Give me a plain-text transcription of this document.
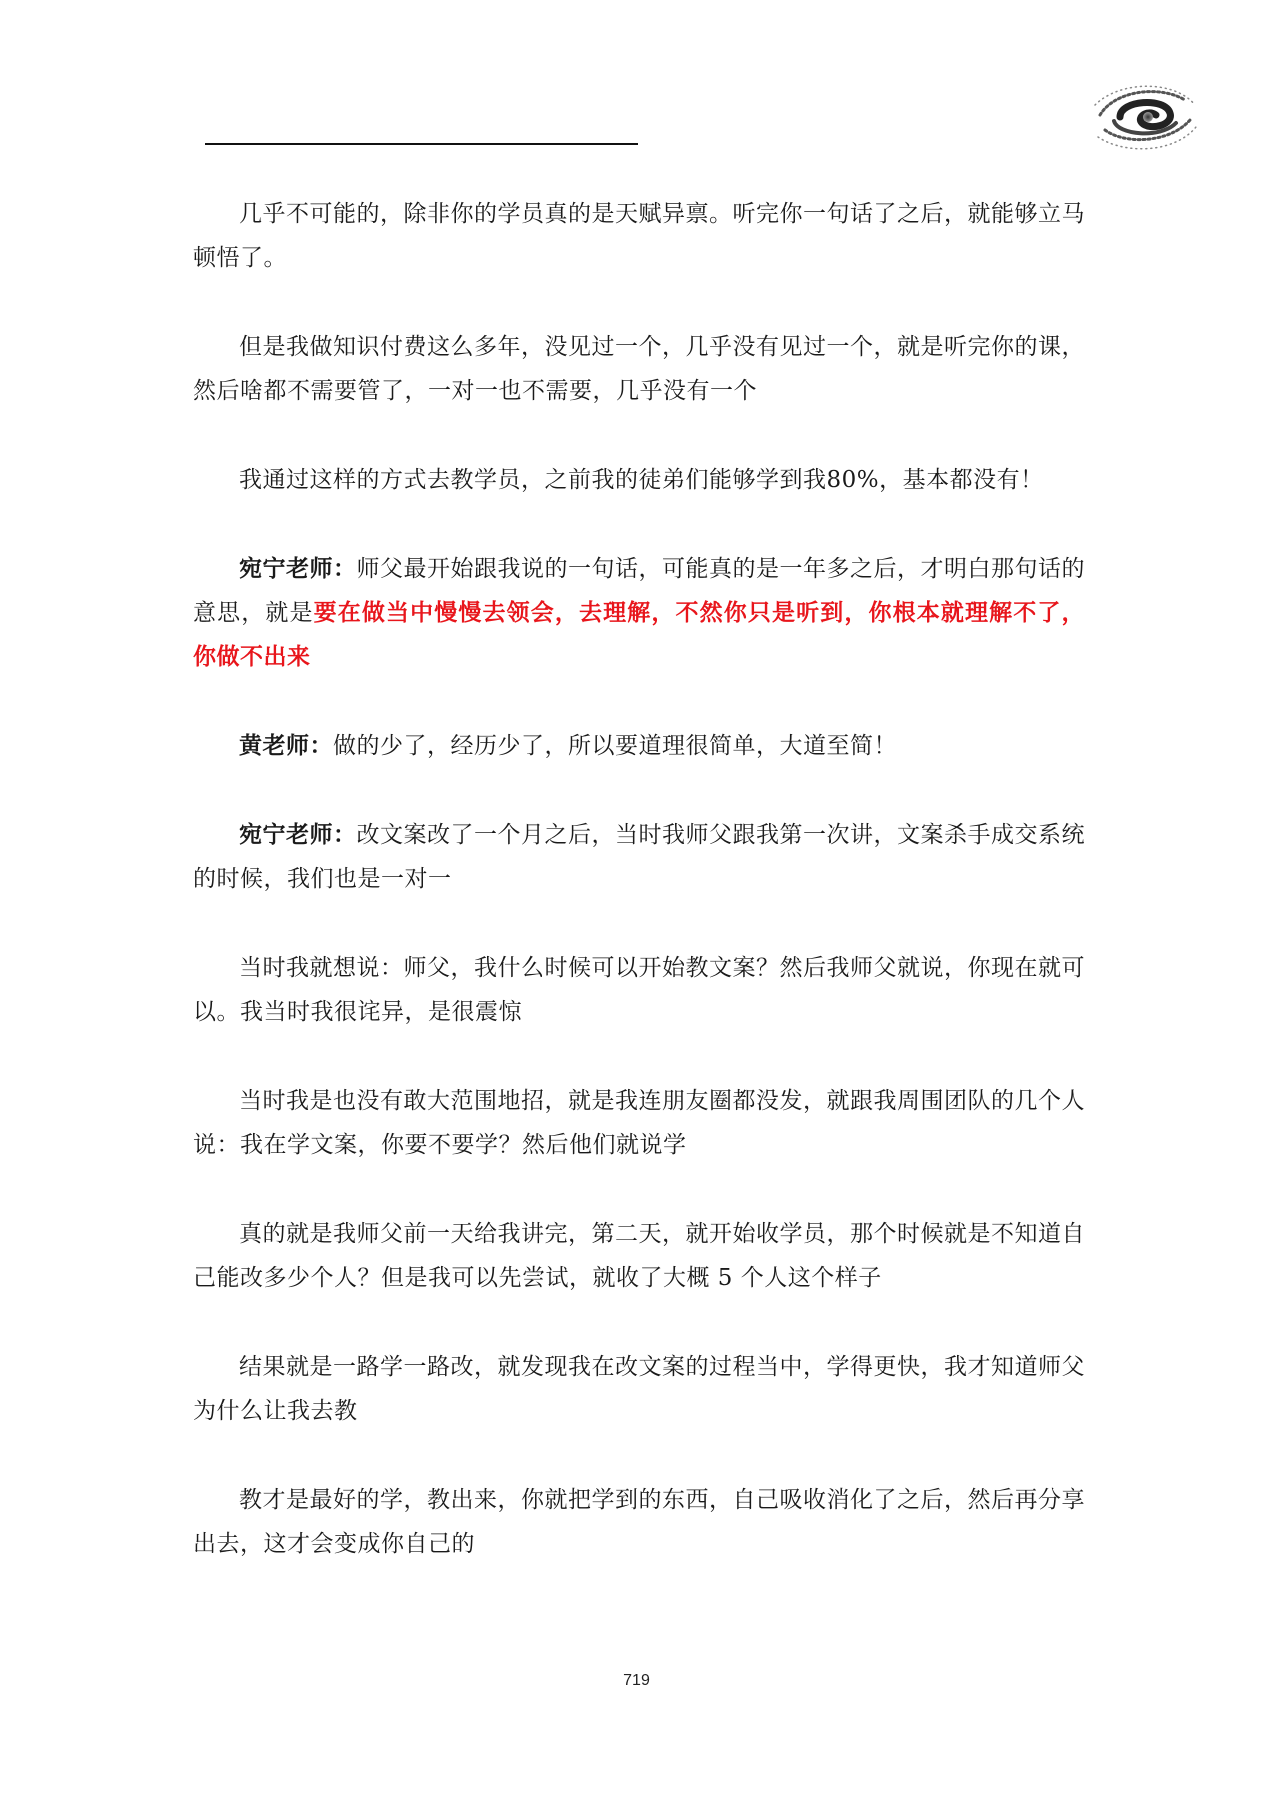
几乎不可能的，除非你的学员真的是天赋异禀。听完你一句话了之后，就能够立马顿悟了。

但是我做知识付费这么多年，没见过一个，几乎没有见过一个，就是听完你的课，然后啥都不需要管了，一对一也不需要，几乎没有一个

我通过这样的方式去教学员，之前我的徒弟们能够学到我80%，基本都没有！

宛宁老师：师父最开始跟我说的一句话，可能真的是一年多之后，才明白那句话的意思，就是要在做当中慢慢去领会，去理解，不然你只是听到，你根本就理解不了，你做不出来

黄老师：做的少了，经历少了，所以要道理很简单，大道至简！

宛宁老师：改文案改了一个月之后，当时我师父跟我第一次讲，文案杀手成交系统的时候，我们也是一对一

当时我就想说：师父，我什么时候可以开始教文案？然后我师父就说，你现在就可以。我当时我很诧异，是很震惊

当时我是也没有敢大范围地招，就是我连朋友圈都没发，就跟我周围团队的几个人说：我在学文案，你要不要学？然后他们就说学

真的就是我师父前一天给我讲完，第二天，就开始收学员，那个时候就是不知道自己能改多少个人？但是我可以先尝试，就收了大概 5 个人这个样子

结果就是一路学一路改，就发现我在改文案的过程当中，学得更快，我才知道师父为什么让我去教

教才是最好的学，教出来，你就把学到的东西，自己吸收消化了之后，然后再分享出去，这才会变成你自己的

719
